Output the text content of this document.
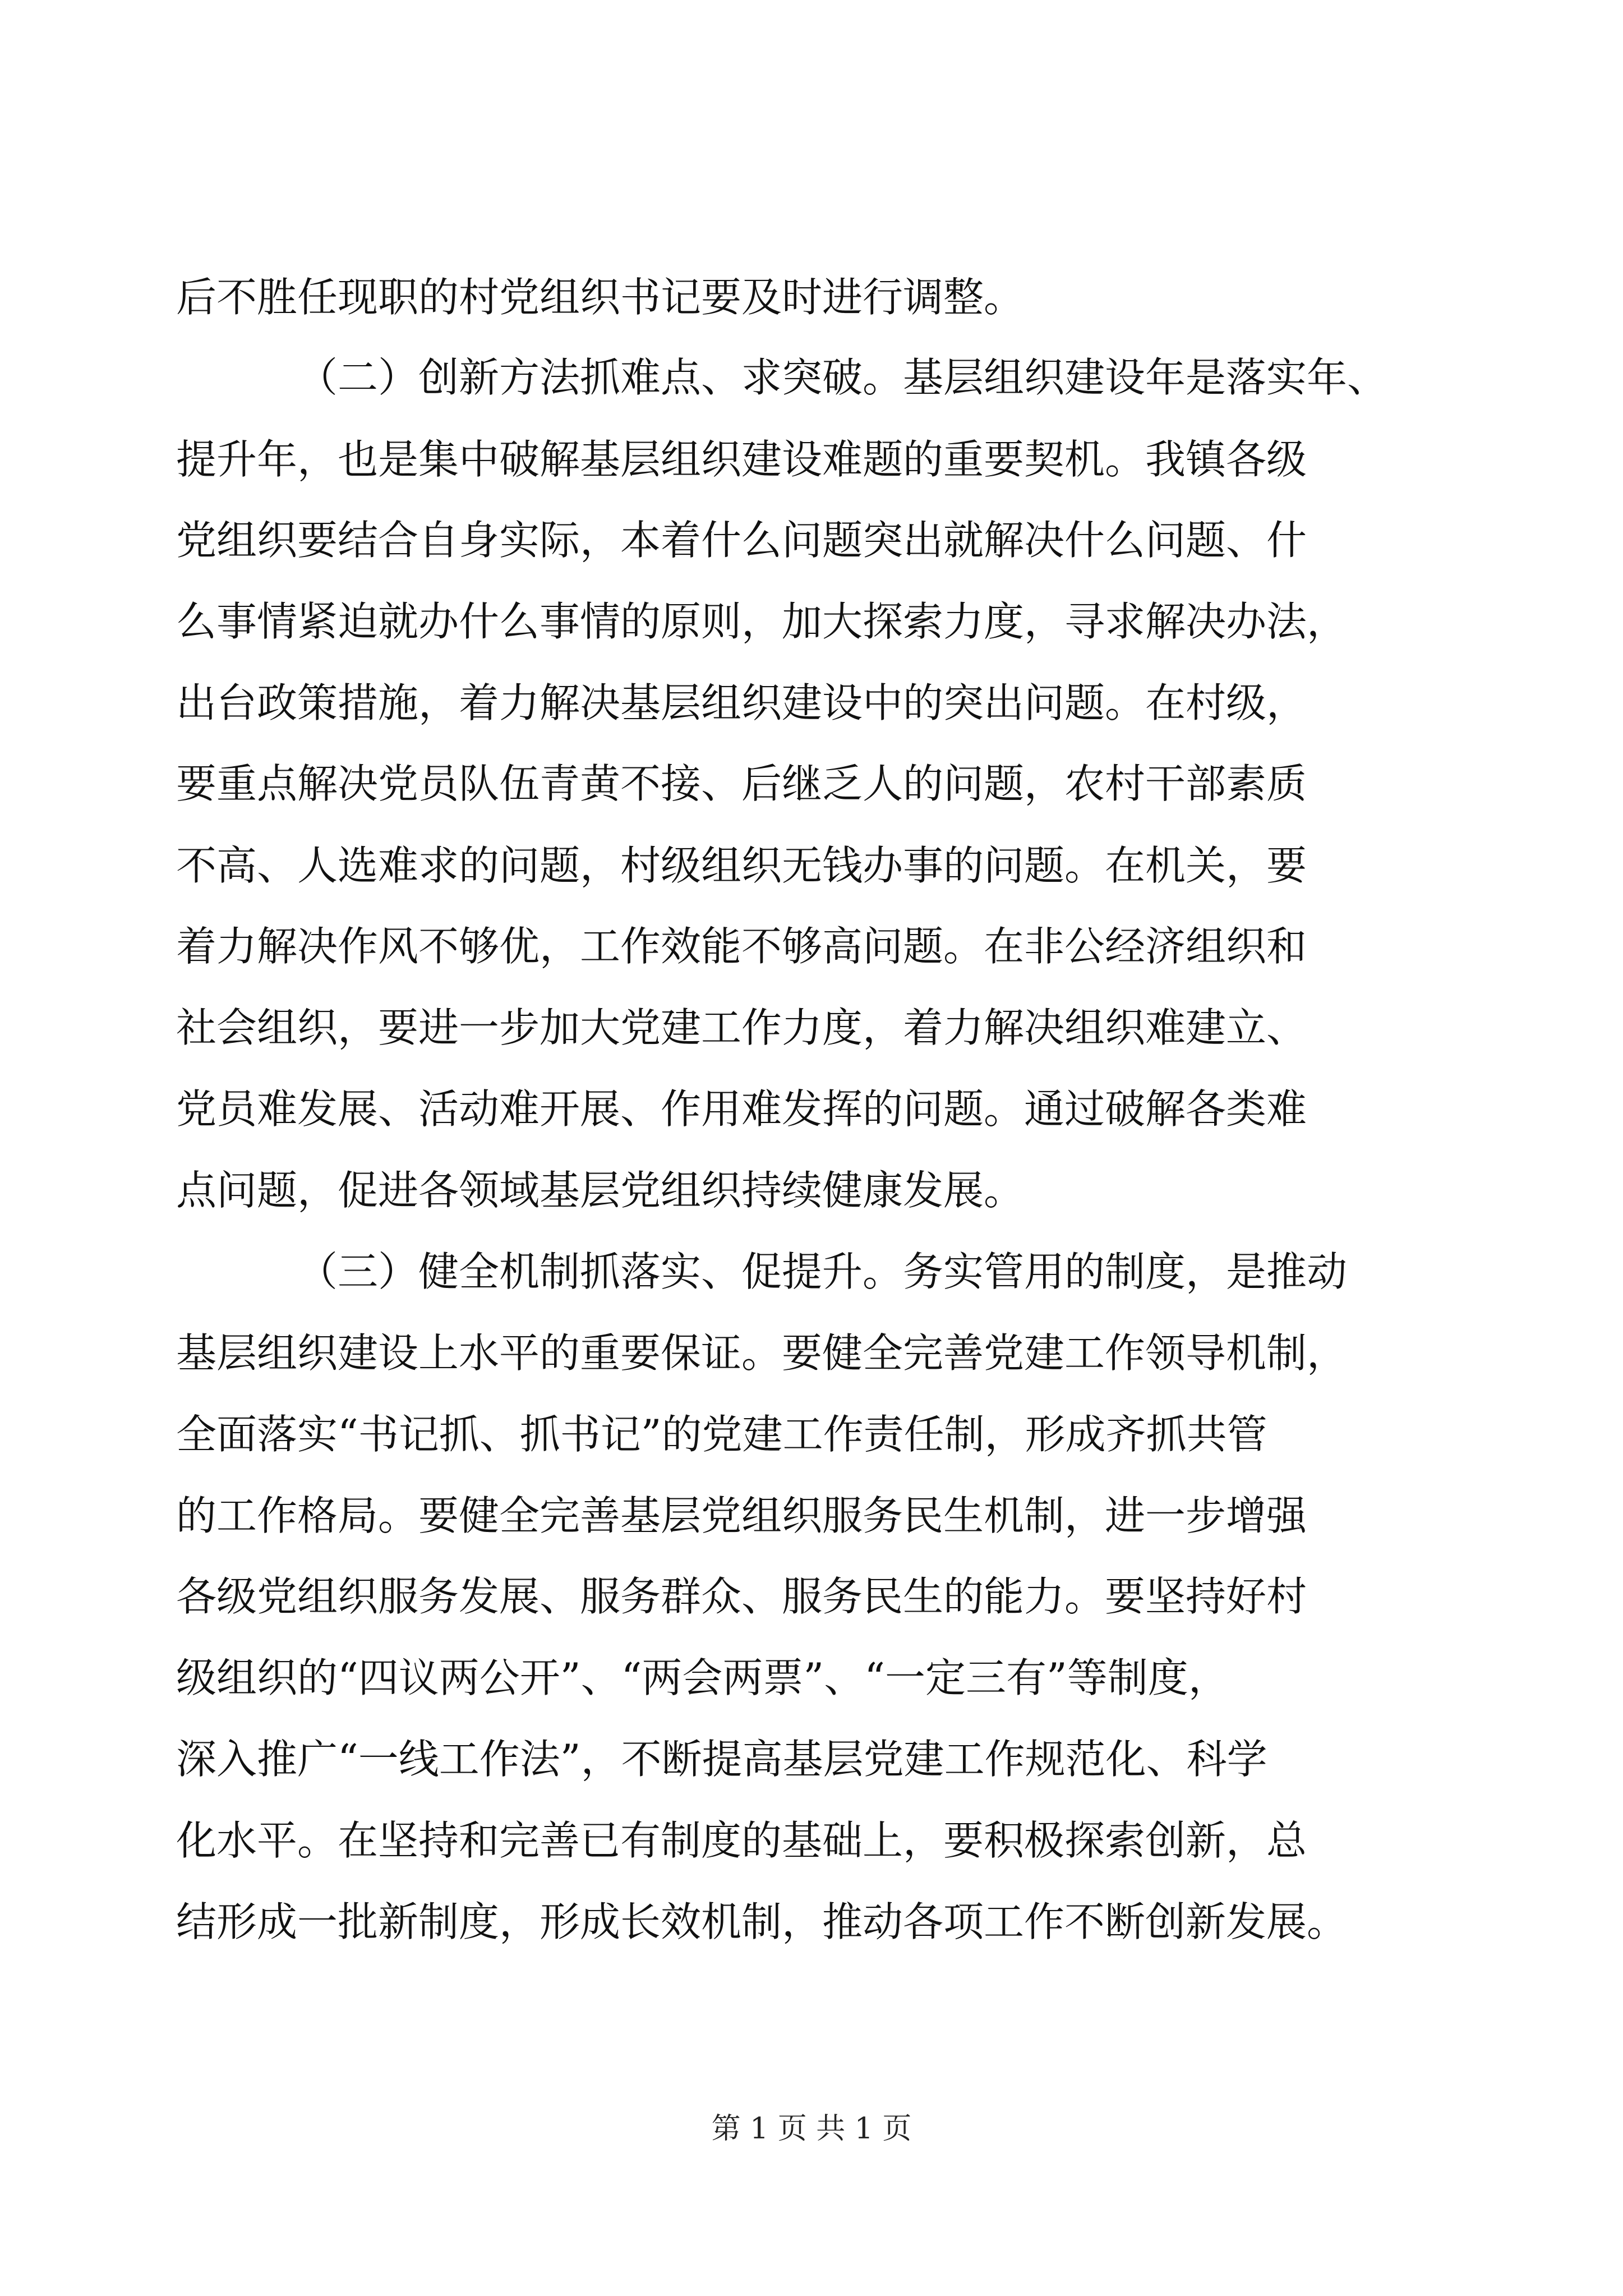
后不胜任现职的村党组织书记要及时进行调整。

（二）创新方法抓难点、求突破。基层组织建设年是落实年、

提升年，也是集中破解基层组织建设难题的重要契机。我镇各级

党组织要结合自身实际，本着什么问题突出就解决什么问题、什

么事情紧迫就办什么事情的原则，加大探索力度，寻求解决办法，

出台政策措施，着力解决基层组织建设中的突出问题。在村级，

要重点解决党员队伍青黄不接、后继乏人的问题，农村干部素质

不高、人选难求的问题，村级组织无钱办事的问题。在机关，要

着力解决作风不够优，工作效能不够高问题。在非公经济组织和

社会组织，要进一步加大党建工作力度，着力解决组织难建立、

党员难发展、活动难开展、作用难发挥的问题。通过破解各类难

点问题，促进各领域基层党组织持续健康发展。

（三）健全机制抓落实、促提升。务实管用的制度，是推动

基层组织建设上水平的重要保证。要健全完善党建工作领导机制，

全面落实“书记抓、抓书记”的党建工作责任制，形成齐抓共管

的工作格局。要健全完善基层党组织服务民生机制，进一步增强

各级党组织服务发展、服务群众、服务民生的能力。要坚持好村

级组织的“四议两公开”、“两会两票”、“一定三有”等制度，

深入推广“一线工作法”，不断提高基层党建工作规范化、科学

化水平。在坚持和完善已有制度的基础上，要积极探索创新，总

结形成一批新制度，形成长效机制，推动各项工作不断创新发展。

第 1 页 共 1 页
